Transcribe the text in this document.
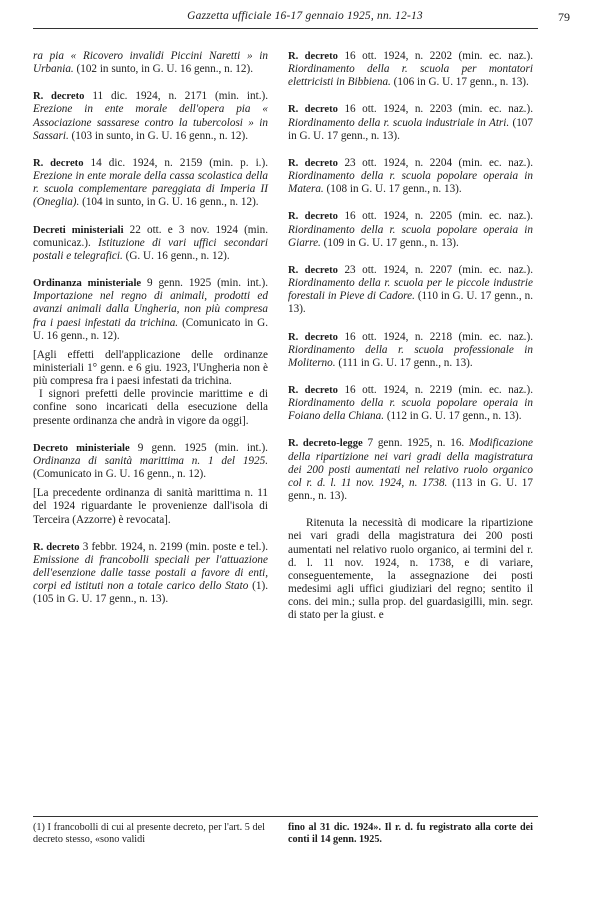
Gazzetta ufficiale 16-17 gennaio 1925, nn. 12-13	79
ra pia « Ricovero invalidi Piccini Naretti » in Urbania. (102 in sunto, in G. U. 16 genn., n. 12).
R. decreto 11 dic. 1924, n. 2171 (min. int.). Erezione in ente morale dell'opera pia « Associazione sassarese contro la tubercolosi » in Sassari. (103 in sunto, in G. U. 16 genn., n. 12).
R. decreto 14 dic. 1924, n. 2159 (min. p. i.). Erezione in ente morale della cassa scolastica della r. scuola complementare pareggiata di Imperia II (Oneglia). (104 in sunto, in G. U. 16 genn., n. 12).
Decreti ministeriali 22 ott. e 3 nov. 1924 (min. comunicaz.). Istituzione di vari uffici secondari postali e telegrafici. (G. U. 16 genn., n. 12).
Ordinanza ministeriale 9 genn. 1925 (min. int.). Importazione nel regno di animali, prodotti ed avanzi animali dalla Ungheria, non più compresa fra i paesi infestati da trichina. (Comunicato in G. U. 16 genn., n. 12).
[Agli effetti dell'applicazione delle ordinanze ministeriali 1° genn. e 6 giu. 1923, l'Ungheria non è più compresa fra i paesi infestati da trichina.
I signori prefetti delle provincie marittime e di confine sono incaricati della esecuzione della presente ordinanza che andrà in vigore da oggi].
Decreto ministeriale 9 genn. 1925 (min. int.). Ordinanza di sanità marittima n. 1 del 1925. (Comunicato in G. U. 16 genn., n. 12).
[La precedente ordinanza di sanità marittima n. 11 del 1924 riguardante le provenienze dall'isola di Terceira (Azzorre) è revocata].
R. decreto 3 febbr. 1924, n. 2199 (min. poste e tel.). Emissione di francobolli speciali per l'attuazione dell'esenzione dalle tasse postali a favore di enti, corpi ed istituti non a totale carico dello Stato (1). (105 in G. U. 17 genn., n. 13).
R. decreto 16 ott. 1924, n. 2202 (min. ec. naz.). Riordinamento della r. scuola per montatori elettricisti in Bibbiena. (106 in G. U. 17 genn., n. 13).
R. decreto 16 ott. 1924, n. 2203 (min. ec. naz.). Riordinamento della r. scuola industriale in Atri. (107 in G. U. 17 genn., n. 13).
R. decreto 23 ott. 1924, n. 2204 (min. ec. naz.). Riordinamento della r. scuola popolare operaia in Matera. (108 in G. U. 17 genn., n. 13).
R. decreto 16 ott. 1924, n. 2205 (min. ec. naz.). Riordinamento della r. scuola popolare operaia in Giarre. (109 in G. U. 17 genn., n. 13).
R. decreto 23 ott. 1924, n. 2207 (min. ec. naz.). Riordinamento della r. scuola per le piccole industrie forestali in Pieve di Cadore. (110 in G. U. 17 genn., n. 13).
R. decreto 16 ott. 1924, n. 2218 (min. ec. naz.). Riordinamento della r. scuola professionale in Moliterno. (111 in G. U. 17 genn., n. 13).
R. decreto 16 ott. 1924, n. 2219 (min. ec. naz.). Riordinamento della r. scuola popolare operaia in Foiano della Chiana. (112 in G. U. 17 genn., n. 13).
R. decreto-legge 7 genn. 1925, n. 16. Modificazione della ripartizione nei vari gradi della magistratura dei 200 posti aumentati nel relativo ruolo organico col r. d. l. 11 nov. 1924, n. 1738. (113 in G. U. 17 genn., n. 13).
Ritenuta la necessità di modicare la ripartizione nei vari gradi della magistratura dei 200 posti aumentati nel relativo ruolo organico, ai termini del r. d. l. 11 nov. 1924, n. 1738, e di variare, conseguentemente, la assegnazione dei posti medesimi agli uffici giudiziari del regno; sentito il cons. dei min.; sulla prop. del guardasigilli, min. segr. di stato per la giust. e
(1) I francobolli di cui al presente decreto, per l'art. 5 del decreto stesso, «sono validi
fino al 31 dic. 1924». Il r. d. fu registrato alla corte dei conti il 14 genn. 1925.
